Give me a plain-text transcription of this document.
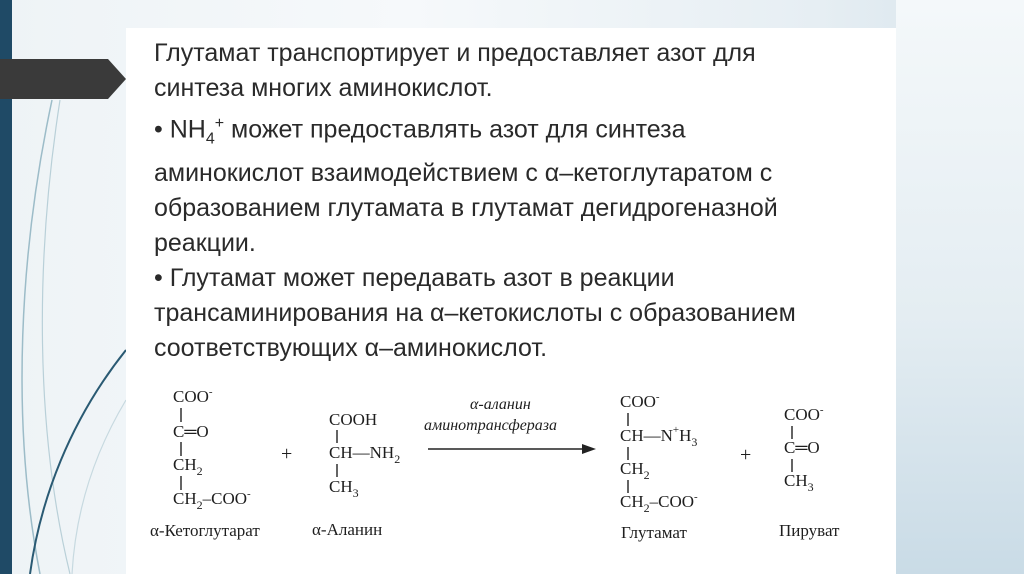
Глутамат транспортирует и предоставляет азот для

синтеза многих аминокислот.

• $NH_4^+$ может предоставлять азот для синтеза

аминокислот взаимодействием с α–кетоглутаратом с

образованием глутамата в глутамат дегидрогеназной

реакции.

• Глутамат может передавать азот в реакции

трансаминирования на α–кетокислоты с образованием

соответствующих α–аминокислот.

COO-
C═O
$CH_2$
$CH_2-COO^-$
α-Кетоглутарат
+
COOH
$CH—NH_2$
$CH_3$
α-Аланин
α-аланин
аминотрансфераза
COO-
$CH—N^+H_3$
$CH_2$
$CH_2-COO^-$
Глутамат
+
COO-
C═O
$CH_3$
Пируват
